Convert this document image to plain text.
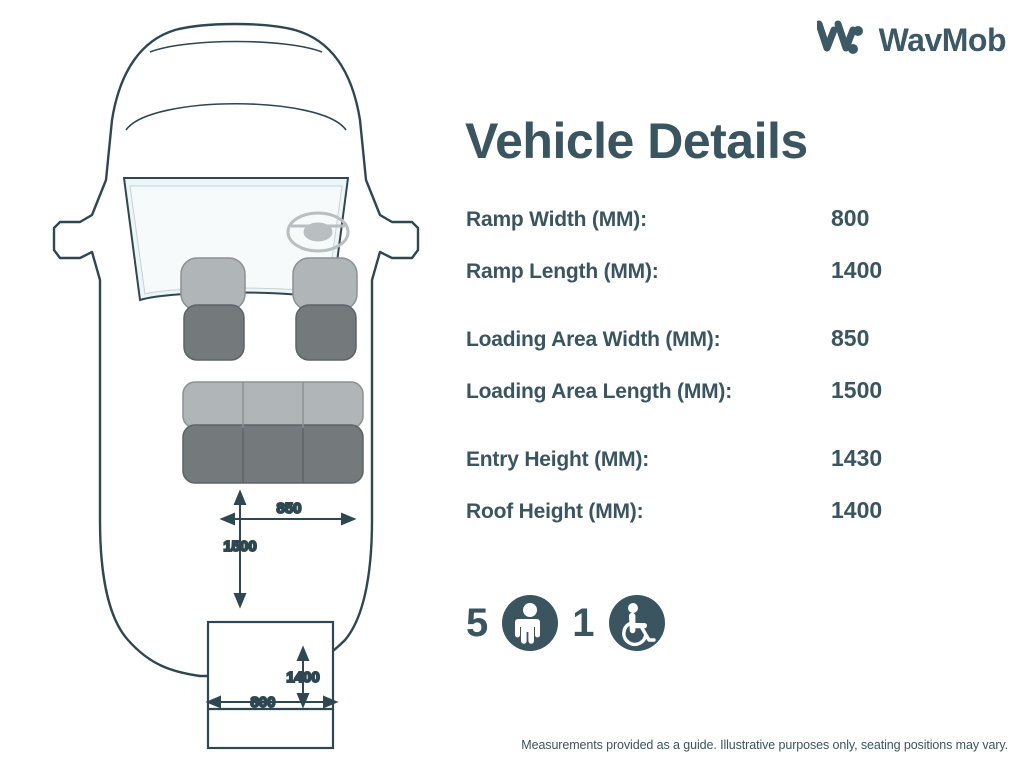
WavMob
850
1500
1400
800
Vehicle Details
Ramp Width (MM):	800
Ramp Length (MM):	1400
Loading Area Width (MM):	850
Loading Area Length (MM):	1500
Entry Height (MM):	1430
Roof Height (MM):	1400
5 1
Measurements provided as a guide. Illustrative purposes only, seating positions may vary.
